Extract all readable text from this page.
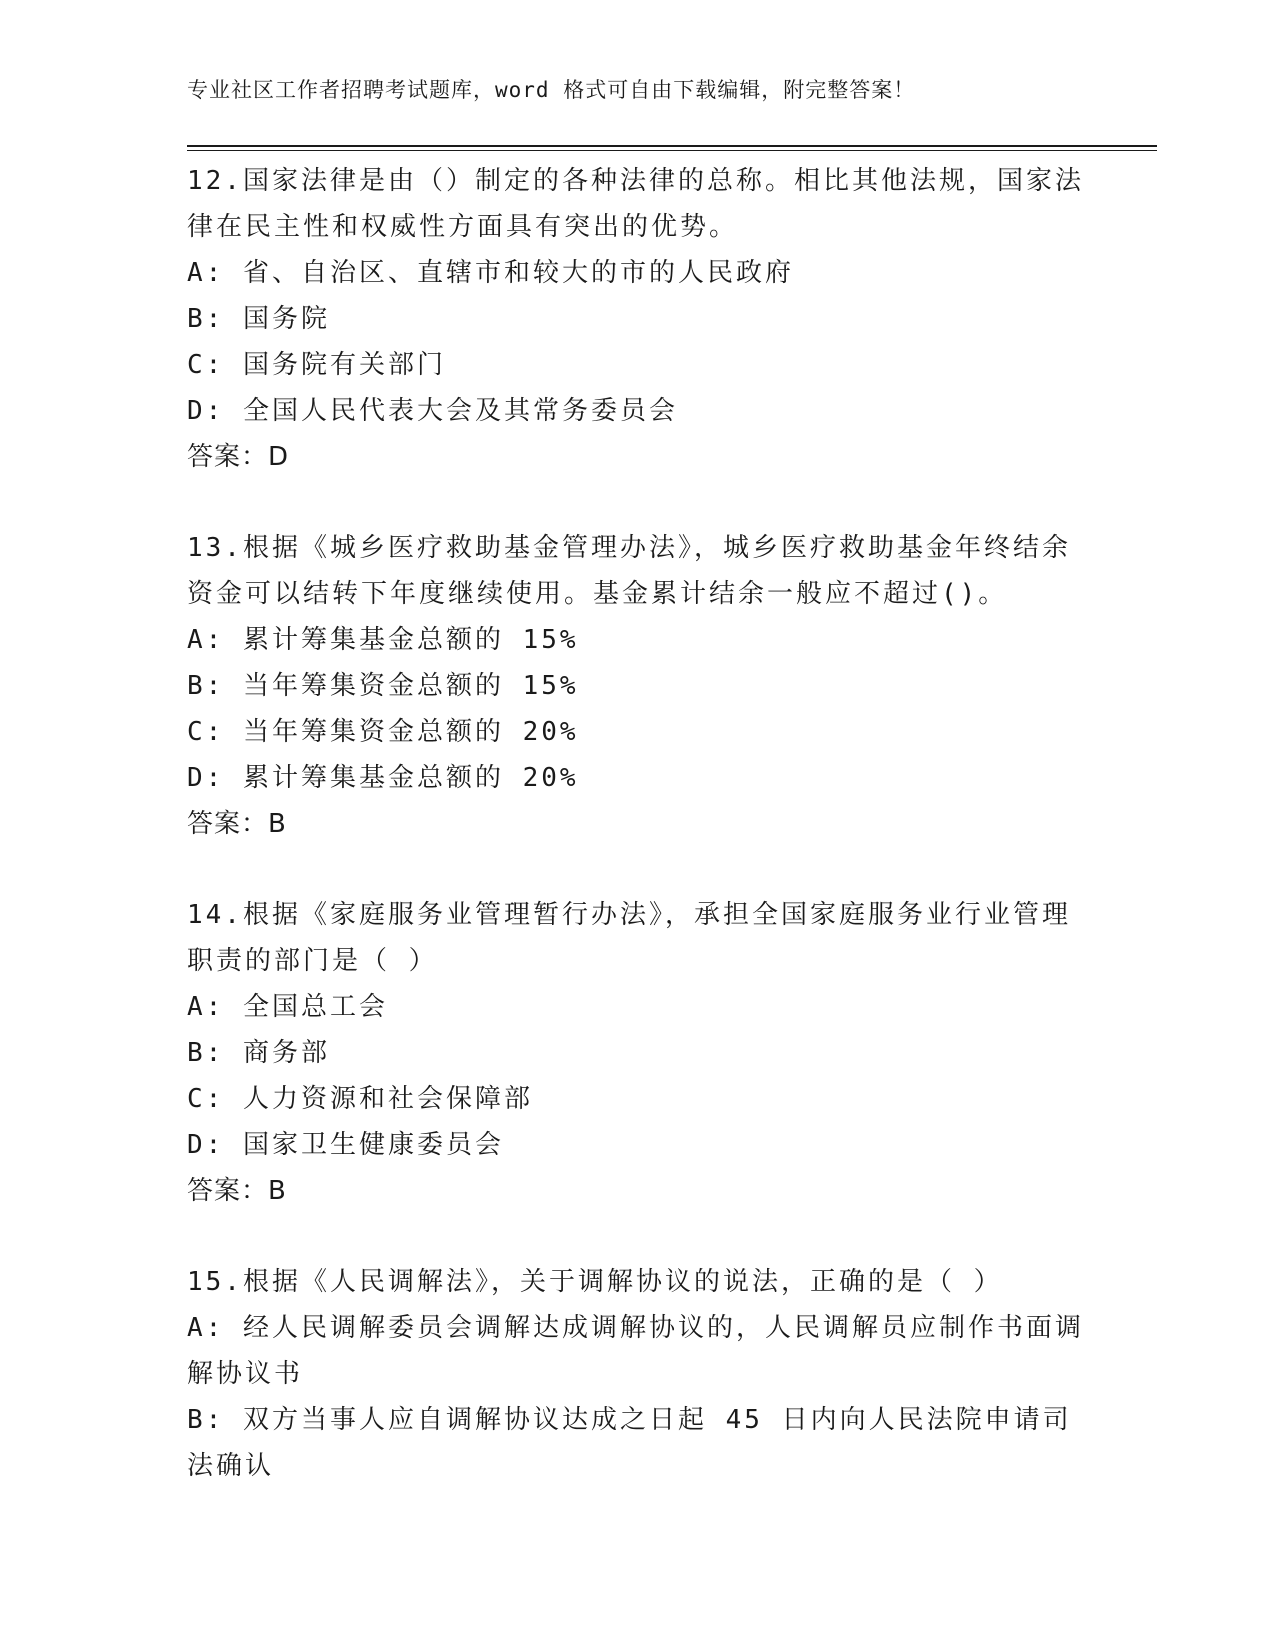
专业社区工作者招聘考试题库，word 格式可自由下载编辑，附完整答案！
12.国家法律是由（）制定的各种法律的总称。相比其他法规，国家法律在民主性和权威性方面具有突出的优势。
A: 省、自治区、直辖市和较大的市的人民政府
B: 国务院
C: 国务院有关部门
D: 全国人民代表大会及其常务委员会
答案：D
13.根据《城乡医疗救助基金管理办法》，城乡医疗救助基金年终结余资金可以结转下年度继续使用。基金累计结余一般应不超过()。
A: 累计筹集基金总额的 15%
B: 当年筹集资金总额的 15%
C: 当年筹集资金总额的 20%
D: 累计筹集基金总额的 20%
答案：B
14.根据《家庭服务业管理暂行办法》，承担全国家庭服务业行业管理职责的部门是（ ）
A: 全国总工会
B: 商务部
C: 人力资源和社会保障部
D: 国家卫生健康委员会
答案：B
15.根据《人民调解法》，关于调解协议的说法，正确的是（ ）
A: 经人民调解委员会调解达成调解协议的，人民调解员应制作书面调解协议书
B: 双方当事人应自调解协议达成之日起 45 日内向人民法院申请司法确认
